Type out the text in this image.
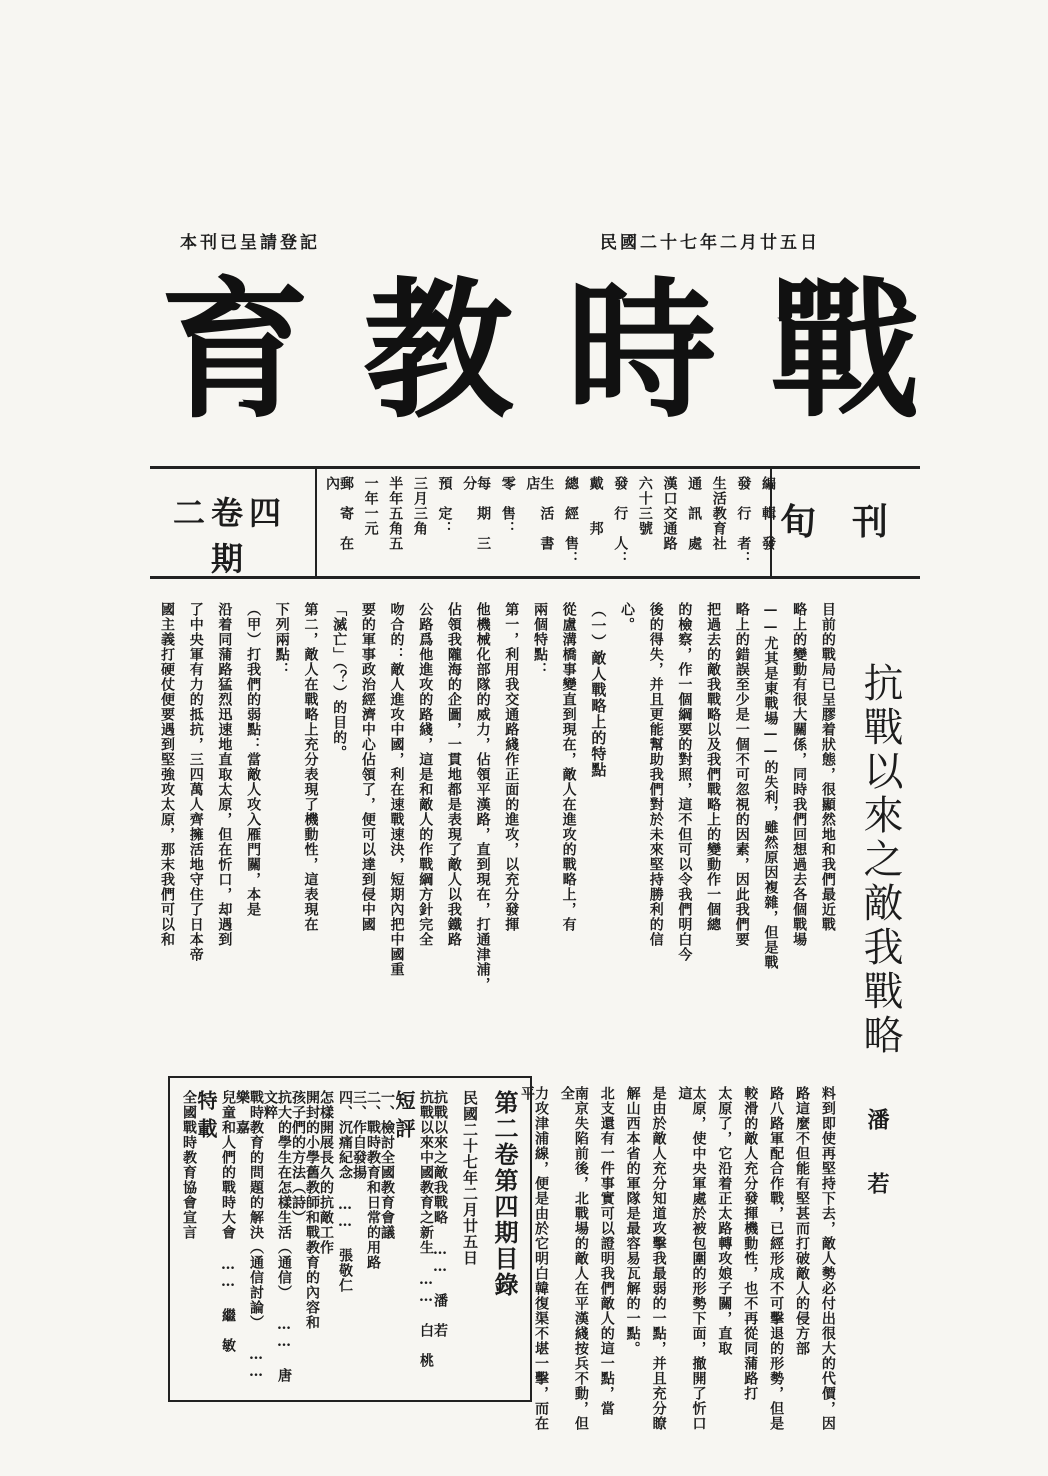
本刊已呈請登記	民國二十七年二月廿五日
育 教 時 戰
二卷四期
編　輯　發
發　行　者：
生活教育社
通　訊　處
漢口交通路
六十三號
發　行　人：
戴　　邦
總　經　售：
生　活　書　店
零　售：
每　期　三　分
預　定：
三月三角
半年五角五
一年一元
郵　寄　在　內
旬　刊
抗戰以來之敵我戰略
潘　若
目前的戰局已呈膠着狀態，很顯然地和我們最近戰
略上的變動有很大關係，同時我們回想過去各個戰場
——尤其是東戰場——的失利，雖然原因複雜，但是戰
略上的錯誤至少是一個不可忽視的因素，因此我們要
把過去的敵我戰略以及我們戰略上的變動作一個總
的檢察，作一個綱要的對照，這不但可以令我們明白今
後的得失，并且更能幫助我們對於未來堅持勝利的信
心。
（一）敵人戰略上的特點
從盧溝橋事變直到現在，敵人在進攻的戰略上，有
兩個特點：
第一，利用我交通路綫作正面的進攻，以充分發揮
他機械化部隊的威力，佔領平漢路，直到現在，打通津浦，
佔領我隴海的企圖，一貫地都是表現了敵人以我鐵路
公路爲他進攻的路綫，這是和敵人的作戰綱方針完全
吻合的：敵人進攻中國，利在速戰速決，短期內把中國重
要的軍事政治經濟中心佔領了，便可以達到侵中國
「滅亡」（？）的目的。
第二，敵人在戰略上充分表現了機動性，這表現在
下列兩點：
（甲）打我們的弱點：當敵人攻入雁門關，本是
沿着同蒲路猛烈迅速地直取太原，但在忻口，却遇到
了中央軍有力的抵抗，三四萬人齊擁活地守住了日本帝
國主義打硬仗便要遇到堅強攻太原，那末我們可以和
料到即使再堅持下去，敵人勢必付出很大的代價，因
路這麼不但能有堅甚而打破敵人的侵方部
路八路軍配合作戰，已經形成不可擊退的形勢，但是
較滑的敵人充分發揮機動性，也不再從同蒲路打
太原了，它沿着正太路轉攻娘子關，直取
太原，使中央軍處於被包圍的形勢下面，撤開了忻口這
是由於敵人充分知道攻擊我最弱的一點，并且充分瞭
解山西本省的軍隊是最容易瓦解的一點。
北支還有一件事實可以證明我們敵人的這一點，當
南京失陷前後，北戰場的敵人在平漢綫按兵不動，但全
力攻津浦線，便是由於它明白韓復渠不堪一擊，而在平
第二卷第四期目錄
民國二十七年二月廿五日
抗戰以來之敵我戰略 …… 潘　若
抗戰以來中國教育之新生 …… 白　桃
短評
一、檢討全國教育會議
二、戰時教育和日常的用路
三、作自發揚
四、沉痛紀念 …… 張敬仁
怎樣開展長久的抗敵工作
開封的小學舊教師和戰教育的內容和
孩子們的方法（詩）
抗大的學生在怎樣生活（通信） …… 唐文粹
戰時教育的問題的解決（通信討論） …… 樂　嘉
兒童和人們的戰時大會 …… 繼　敏
特載
全國戰時教育協會宣言
